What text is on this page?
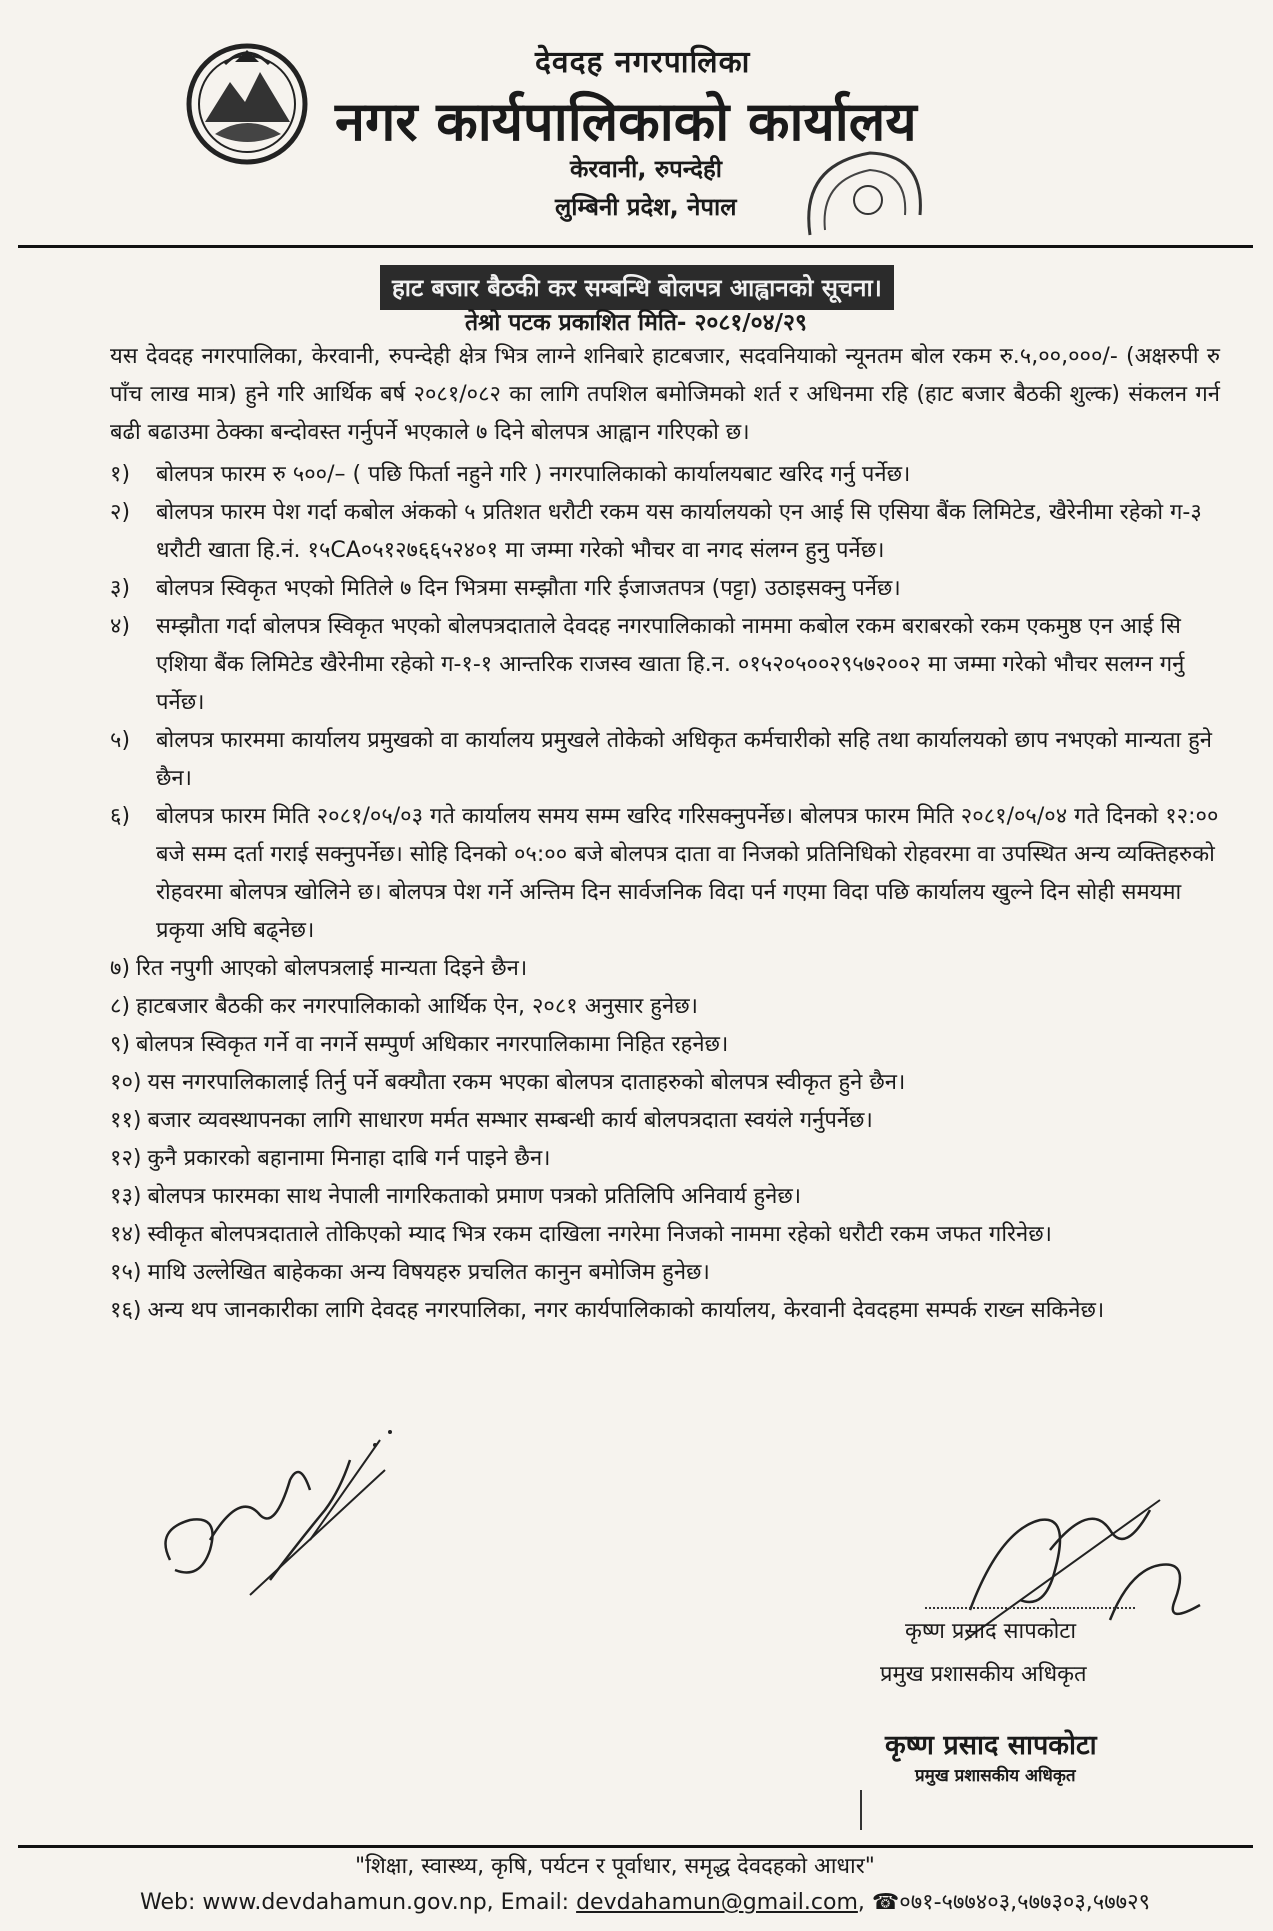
देवदह नगरपालिका
नगर कार्यपालिकाको कार्यालय
केरवानी, रुपन्देही
लुम्बिनी प्रदेश, नेपाल
हाट बजार बैठकी कर सम्बन्धि बोलपत्र आह्वानको सूचना।
तेश्रो पटक प्रकाशित मिति- २०८१/०४/२९

यस देवदह नगरपालिका, केरवानी, रुपन्देही क्षेत्र भित्र लाग्ने शनिबारे हाटबजार, सदवनियाको न्यूनतम बोल रकम रु.५,००,०००/- (अक्षरुपी रु पाँच लाख मात्र) हुने गरि आर्थिक बर्ष २०८१/०८२ का लागि तपशिल बमोजिमको शर्त र अधिनमा रहि (हाट बजार बैठकी शुल्क) संकलन गर्न बढी बढाउमा ठेक्का बन्दोवस्त गर्नुपर्ने भएकाले ७ दिने बोलपत्र आह्वान गरिएको छ।

१) बोलपत्र फारम रु ५००/– ( पछि फिर्ता नहुने गरि ) नगरपालिकाको कार्यालयबाट खरिद गर्नु पर्नेछ।
२) बोलपत्र फारम पेश गर्दा कबोल अंकको ५ प्रतिशत धरौटी रकम यस कार्यालयको एन आई सि एसिया बैंक लिमिटेड, खैरेनीमा रहेको ग-३ धरौटी खाता हि.नं. १५CA०५१२७६६५२४०१ मा जम्मा गरेको भौचर वा नगद संलग्न हुनु पर्नेछ।
३) बोलपत्र स्विकृत भएको मितिले ७ दिन भित्रमा सम्झौता गरि ईजाजतपत्र (पट्टा) उठाइसक्नु पर्नेछ।
४) सम्झौता गर्दा बोलपत्र स्विकृत भएको बोलपत्रदाताले देवदह नगरपालिकाको नाममा कबोल रकम बराबरको रकम एकमुष्ठ एन आई सि एशिया बैंक लिमिटेड खैरेनीमा रहेको ग-१-१ आन्तरिक राजस्व खाता हि.न. ०१५२०५००२९५७२००२ मा जम्मा गरेको भौचर सलग्न गर्नु पर्नेछ।
५) बोलपत्र फारममा कार्यालय प्रमुखको वा कार्यालय प्रमुखले तोकेको अधिकृत कर्मचारीको सहि तथा कार्यालयको छाप नभएको मान्यता हुने छैन।
६) बोलपत्र फारम मिति २०८१/०५/०३ गते कार्यालय समय सम्म खरिद गरिसक्नुपर्नेछ। बोलपत्र फारम मिति २०८१/०५/०४ गते दिनको १२:०० बजे सम्म दर्ता गराई सक्नुपर्नेछ। सोहि दिनको ०५:०० बजे बोलपत्र दाता वा निजको प्रतिनिधिको रोहवरमा वा उपस्थित अन्य व्यक्तिहरुको रोहवरमा बोलपत्र खोलिने छ। बोलपत्र पेश गर्ने अन्तिम दिन सार्वजनिक विदा पर्न गएमा विदा पछि कार्यालय खुल्ने दिन सोही समयमा प्रकृया अघि बढ्नेछ।
७) रित नपुगी आएको बोलपत्रलाई मान्यता दिइने छैन।
८) हाटबजार बैठकी कर नगरपालिकाको आर्थिक ऐन, २०८१ अनुसार हुनेछ।
९) बोलपत्र स्विकृत गर्ने वा नगर्ने सम्पुर्ण अधिकार नगरपालिकामा निहित रहनेछ।
१०) यस नगरपालिकालाई तिर्नु पर्ने बक्यौता रकम भएका बोलपत्र दाताहरुको बोलपत्र स्वीकृत हुने छैन।
११) बजार व्यवस्थापनका लागि साधारण मर्मत सम्भार सम्बन्धी कार्य बोलपत्रदाता स्वयंले गर्नुपर्नेछ।
१२) कुनै प्रकारको बहानामा मिनाहा दाबि गर्न पाइने छैन।
१३) बोलपत्र फारमका साथ नेपाली नागरिकताको प्रमाण पत्रको प्रतिलिपि अनिवार्य हुनेछ।
१४) स्वीकृत बोलपत्रदाताले तोकिएको म्याद भित्र रकम दाखिला नगरेमा निजको नाममा रहेको धरौटी रकम जफत गरिनेछ।
१५) माथि उल्लेखित बाहेकका अन्य विषयहरु प्रचलित कानुन बमोजिम हुनेछ।
१६) अन्य थप जानकारीका लागि देवदह नगरपालिका, नगर कार्यपालिकाको कार्यालय, केरवानी देवदहमा सम्पर्क राख्न सकिनेछ।
कृष्ण प्रसाद सापकोटा
प्रमुख प्रशासकीय अधिकृत
कृष्ण प्रसाद सापकोटा
प्रमुख प्रशासकीय अधिकृत
"शिक्षा, स्वास्थ्य, कृषि, पर्यटन र पूर्वाधार, समृद्ध देवदहको आधार"
Web: www.devdahamun.gov.np, Email: devdahamun@gmail.com, ☎०७१-५७७४०३,५७७३०३,५७७२९
